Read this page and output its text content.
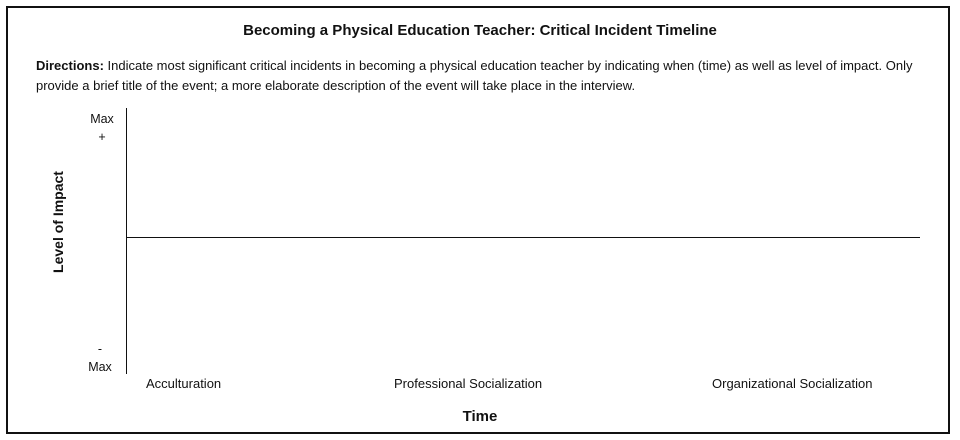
Becoming a Physical Education Teacher: Critical Incident Timeline
Directions: Indicate most significant critical incidents in becoming a physical education teacher by indicating when (time) as well as level of impact. Only provide a brief title of the event; a more elaborate description of the event will take place in the interview.
Level of Impact
Max
+
-
Max
Acculturation	Professional Socialization	Organizational Socialization
Time
